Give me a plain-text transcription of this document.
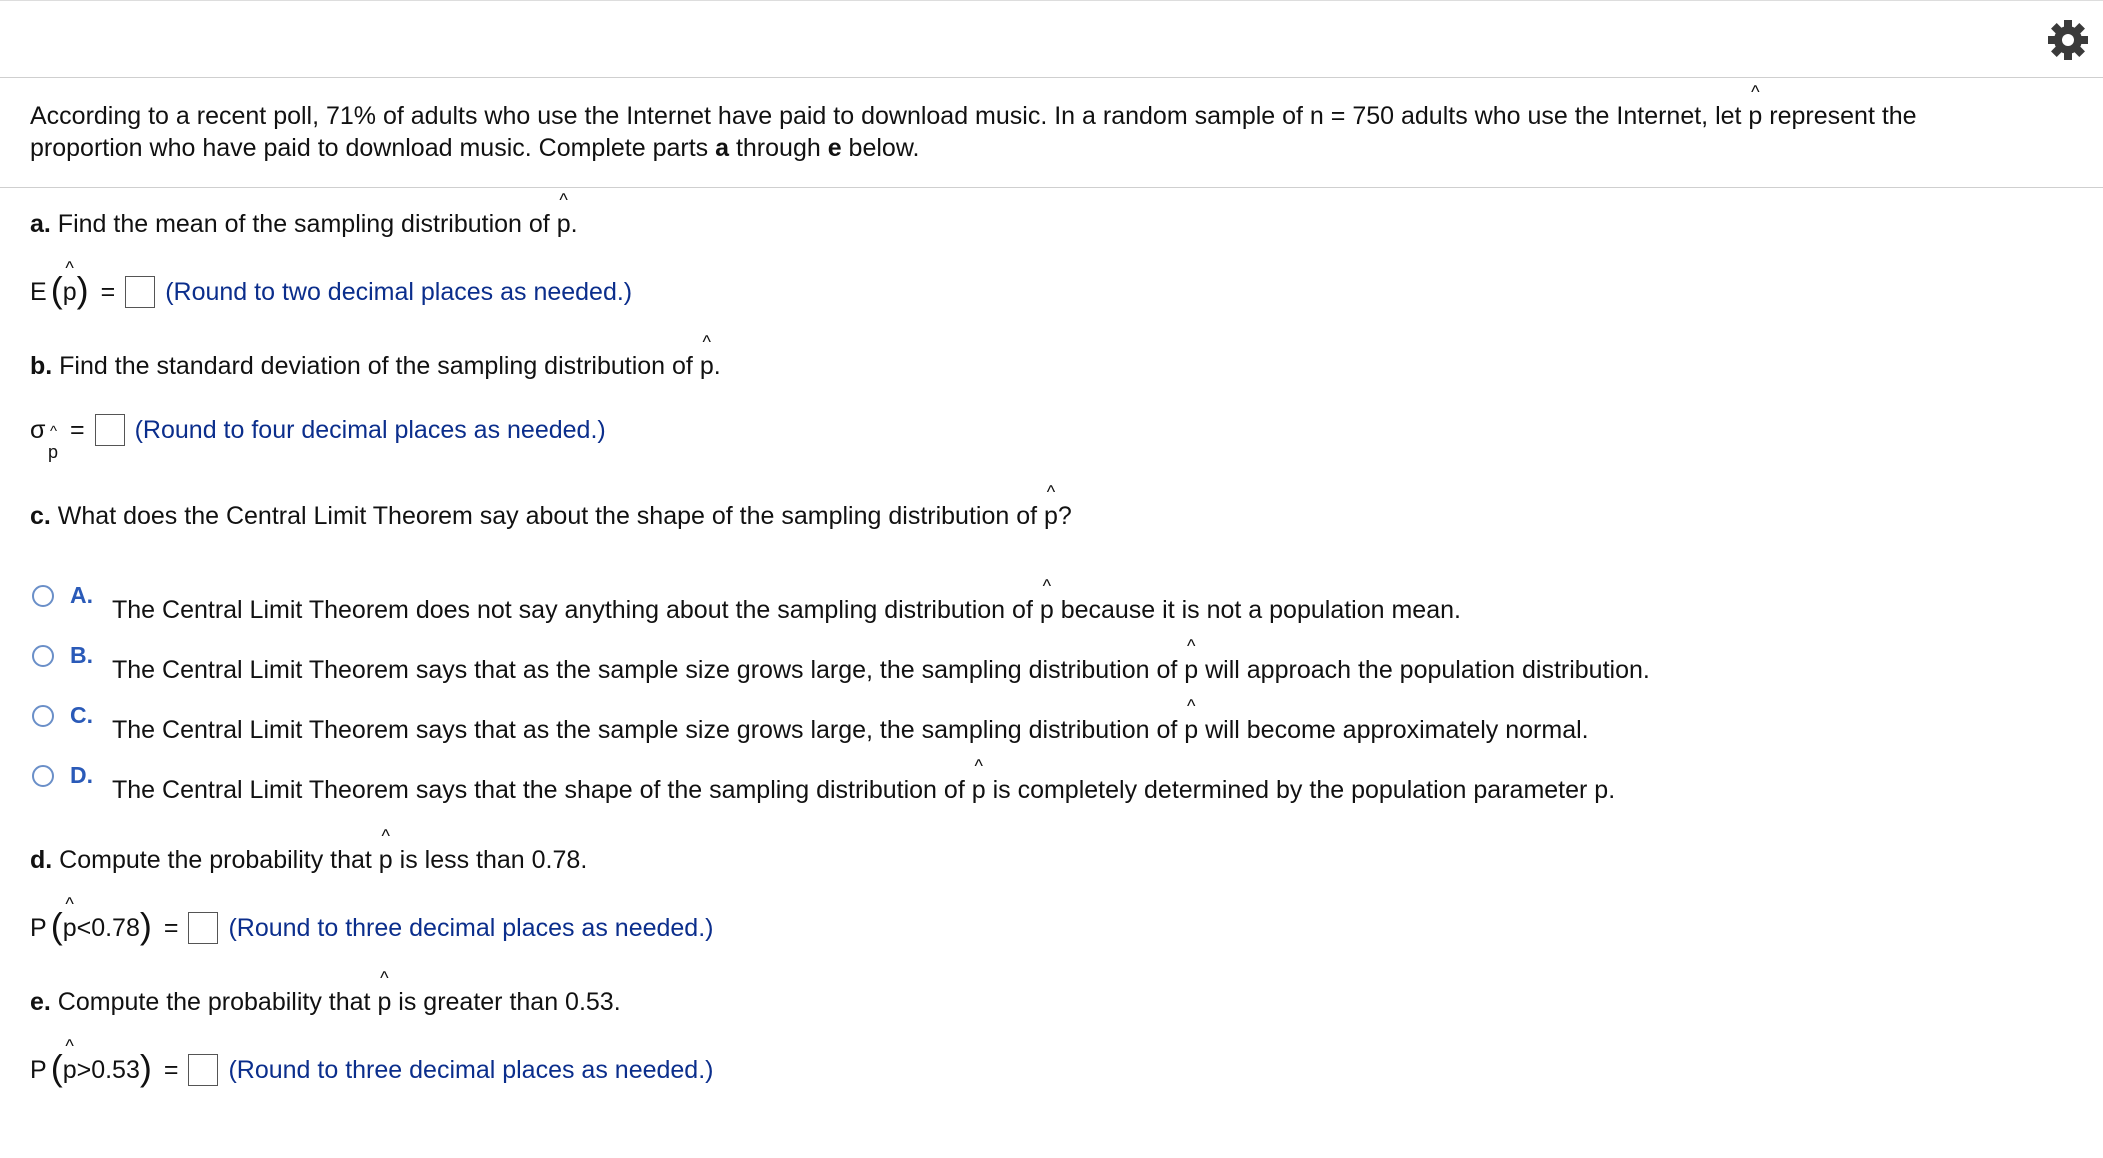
According to a recent poll, 71% of adults who use the Internet have paid to download music. In a random sample of n = 750 adults who use the Internet, let ^ p represent the
proportion who have paid to download music. Complete parts a through e below.
a. Find the mean of the sampling distribution of ^ p.
E ( ^ p ) = (Round to two decimal places as needed.)
b. Find the standard deviation of the sampling distribution of ^ p.
σ ^
p
= (Round to four decimal places as needed.)
c. What does the Central Limit Theorem say about the shape of the sampling distribution of ^ p?
A.
The Central Limit Theorem does not say anything about the sampling distribution of ^ p because it is not a population mean.
B.
The Central Limit Theorem says that as the sample size grows large, the sampling distribution of ^ p will approach the population distribution.
C.
The Central Limit Theorem says that as the sample size grows large, the sampling distribution of ^ p will become approximately normal.
D.
The Central Limit Theorem says that the shape of the sampling distribution of ^ p is completely determined by the population parameter p.
d. Compute the probability that ^ p is less than 0.78.
P ( ^ p <0.78 ) = (Round to three decimal places as needed.)
e. Compute the probability that ^ p is greater than 0.53.
P ( ^ p >0.53 ) = (Round to three decimal places as needed.)
